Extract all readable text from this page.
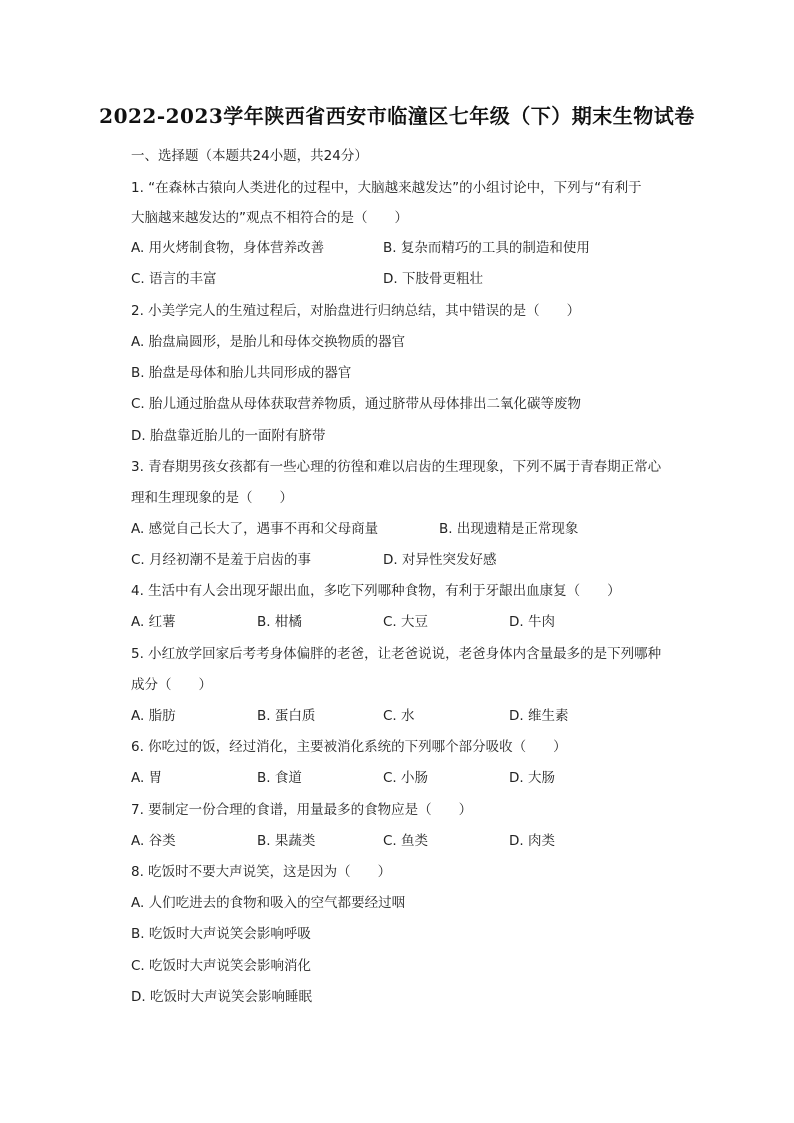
2022-2023学年陕西省西安市临潼区七年级（下）期末生物试卷
一、选择题（本题共24小题，共24分）
1. “在森林古猿向人类进化的过程中，大脑越来越发达”的小组讨论中，下列与“有利于
大脑越来越发达的”观点不相符合的是（　　）
A. 用火烤制食物，身体营养改善	B. 复杂而精巧的工具的制造和使用
C. 语言的丰富	D. 下肢骨更粗壮
2. 小美学完人的生殖过程后，对胎盘进行归纳总结，其中错误的是（　　）
A. 胎盘扁圆形，是胎儿和母体交换物质的器官
B. 胎盘是母体和胎儿共同形成的器官
C. 胎儿通过胎盘从母体获取营养物质，通过脐带从母体排出二氧化碳等废物
D. 胎盘靠近胎儿的一面附有脐带
3. 青春期男孩女孩都有一些心理的彷徨和难以启齿的生理现象，下列不属于青春期正常心
理和生理现象的是（　　）
A. 感觉自己长大了，遇事不再和父母商量	B. 出现遗精是正常现象
C. 月经初潮不是羞于启齿的事	D. 对异性突发好感
4. 生活中有人会出现牙龈出血，多吃下列哪种食物，有利于牙龈出血康复（　　）
A. 红薯	B. 柑橘	C. 大豆	D. 牛肉
5. 小红放学回家后考考身体偏胖的老爸，让老爸说说，老爸身体内含量最多的是下列哪种
成分（　　）
A. 脂肪	B. 蛋白质	C. 水	D. 维生素
6. 你吃过的饭，经过消化，主要被消化系统的下列哪个部分吸收（　　）
A. 胃	B. 食道	C. 小肠	D. 大肠
7. 要制定一份合理的食谱，用量最多的食物应是（　　）
A. 谷类	B. 果蔬类	C. 鱼类	D. 肉类
8. 吃饭时不要大声说笑，这是因为（　　）
A. 人们吃进去的食物和吸入的空气都要经过咽
B. 吃饭时大声说笑会影响呼吸
C. 吃饭时大声说笑会影响消化
D. 吃饭时大声说笑会影响睡眠
